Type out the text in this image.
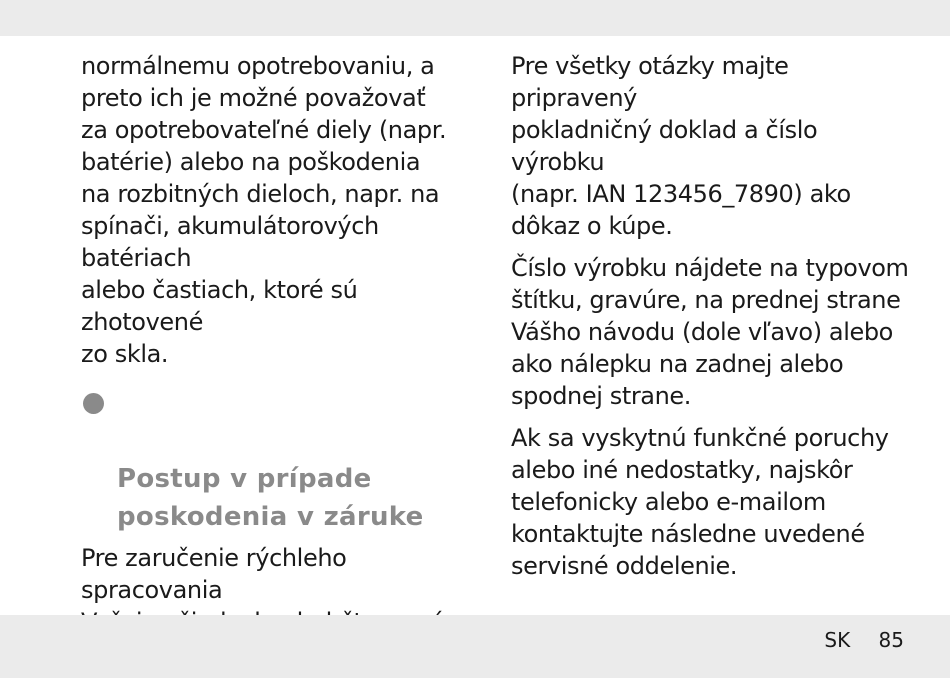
normálnemu opotrebovaniu, a
preto ich je možné považovať
za opotrebovateľné diely (napr.
batérie) alebo na poškodenia
na rozbitných dieloch, napr. na
spínači, akumulátorových batériach
alebo častiach, ktoré sú zhotovené
zo skla.

Postup v prípade
poskodenia v záruke

Pre zaručenie rýchleho spracovania

Pre všetky otázky majte pripravený
pokladničný doklad a číslo výrobku
(napr. IAN 123456_7890) ako
dôkaz o kúpe.

Číslo výrobku nájdete na typovom
štítku, gravúre, na prednej strane
Vášho návodu (dole vľavo) alebo
ako nálepku na zadnej alebo
spodnej strane.

Ak sa vyskytnú funkčné poruchy
alebo iné nedostatky, najskôr
telefonicky alebo e-mailom
kontaktujte následne uvedené
servisné oddelenie.

SK 85
